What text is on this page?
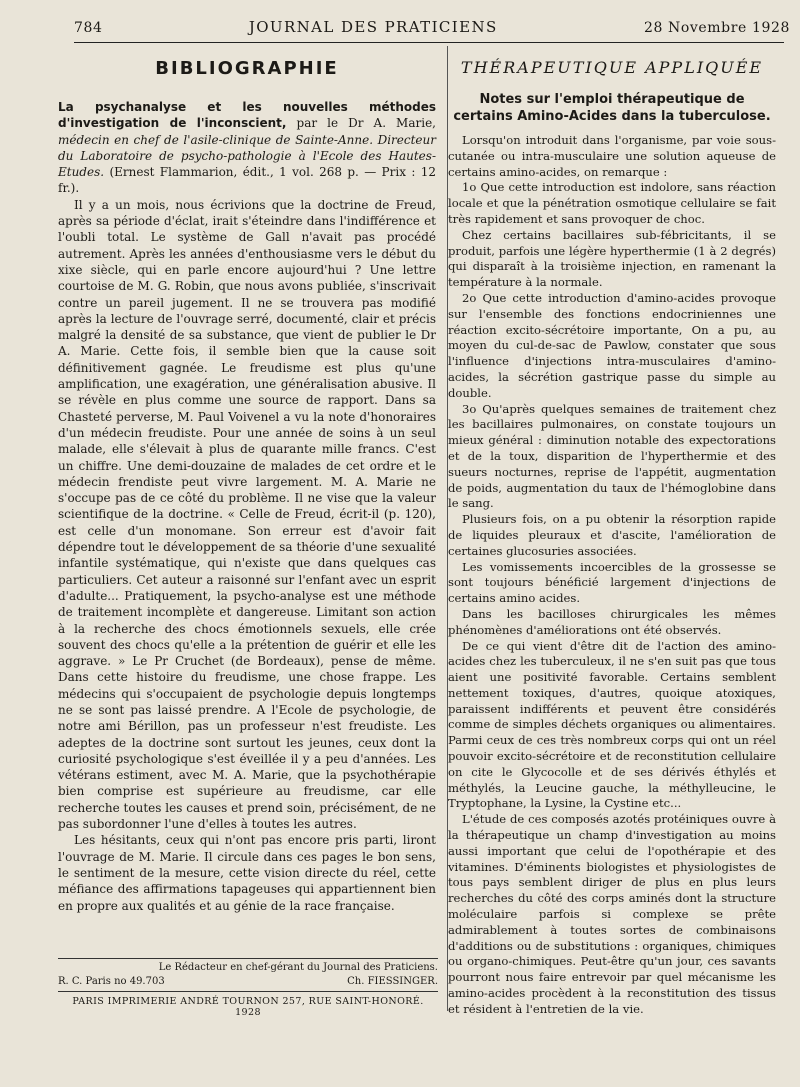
784	JOURNAL DES PRATICIENS	28 Novembre 1928
BIBLIOGRAPHIE

La psychanalyse et les nouvelles méthodes d'investigation de l'inconscient, par le Dr A. Marie, médecin en chef de l'asile-clinique de Sainte-Anne. Directeur du Laboratoire de psycho-pathologie à l'Ecole des Hautes-Etudes. (Ernest Flammarion, édit., 1 vol. 268 p. — Prix : 12 fr.).

Il y a un mois, nous écrivions que la doctrine de Freud, après sa période d'éclat, irait s'éteindre dans l'indifférence et l'oubli total. Le système de Gall n'avait pas procédé autrement. Après les années d'enthousiasme vers le début du xixe siècle, qui en parle encore aujourd'hui ? Une lettre courtoise de M. G. Robin, que nous avons publiée, s'inscrivait contre un pareil jugement. Il ne se trouvera pas modifié après la lecture de l'ouvrage serré, documenté, clair et précis malgré la densité de sa substance, que vient de publier le Dr A. Marie. Cette fois, il semble bien que la cause soit définitivement gagnée. Le freudisme est plus qu'une amplification, une exagération, une généralisation abusive. Il se révèle en plus comme une source de rapport. Dans sa Chasteté perverse, M. Paul Voivenel a vu la note d'honoraires d'un médecin freudiste. Pour une année de soins à un seul malade, elle s'élevait à plus de quarante mille francs. C'est un chiffre. Une demi-douzaine de malades de cet ordre et le médecin frendiste peut vivre largement. M. A. Marie ne s'occupe pas de ce côté du problème. Il ne vise que la valeur scientifique de la doctrine. « Celle de Freud, écrit-il (p. 120), est celle d'un monomane. Son erreur est d'avoir fait dépendre tout le développement de sa théorie d'une sexualité infantile systématique, qui n'existe que dans quelques cas particuliers. Cet auteur a raisonné sur l'enfant avec un esprit d'adulte... Pratiquement, la psycho-analyse est une méthode de traitement incomplète et dangereuse. Limitant son action à la recherche des chocs émotionnels sexuels, elle crée souvent des chocs qu'elle a la prétention de guérir et elle les aggrave. » Le Pr Cruchet (de Bordeaux), pense de même. Dans cette histoire du freudisme, une chose frappe. Les médecins qui s'occupaient de psychologie depuis longtemps ne se sont pas laissé prendre. A l'Ecole de psychologie, de notre ami Bérillon, pas un professeur n'est freudiste. Les adeptes de la doctrine sont surtout les jeunes, ceux dont la curiosité psychologique s'est éveillée il y a peu d'années. Les vétérans estiment, avec M. A. Marie, que la psychothérapie bien comprise est supérieure au freudisme, car elle recherche toutes les causes et prend soin, précisément, de ne pas subordonner l'une d'elles à toutes les autres.

Les hésitants, ceux qui n'ont pas encore pris parti, liront l'ouvrage de M. Marie. Il circule dans ces pages le bon sens, le sentiment de la mesure, cette vision directe du réel, cette méfiance des affirmations tapageuses qui appartiennent bien en propre aux qualités et au génie de la race française.

Le Rédacteur en chef-gérant du Journal des Praticiens.
R. C. Paris no 49.703	Ch. FIESSINGER.
PARIS IMPRIMERIE ANDRÉ TOURNON 257, RUE SAINT-HONORÉ. 1928
THÉRAPEUTIQUE APPLIQUÉE
Notes sur l'emploi thérapeutique de certains Amino-Acides dans la tuberculose.

Lorsqu'on introduit dans l'organisme, par voie sous-cutanée ou intra-musculaire une solution aqueuse de certains amino-acides, on remarque :

1o Que cette introduction est indolore, sans réaction locale et que la pénétration osmotique cellulaire se fait très rapidement et sans provoquer de choc.

Chez certains bacillaires sub-fébricitants, il se produit, parfois une légère hyperthermie (1 à 2 degrés) qui disparaît à la troisième injection, en ramenant la température à la normale.

2o Que cette introduction d'amino-acides provoque sur l'ensemble des fonctions endocriniennes une réaction excito-sécrétoire importante, On a pu, au moyen du cul-de-sac de Pawlow, constater que sous l'influence d'injections intra-musculaires d'amino-acides, la sécrétion gastrique passe du simple au double.

3o Qu'après quelques semaines de traitement chez les bacillaires pulmonaires, on constate toujours un mieux général : diminution notable des expectorations et de la toux, disparition de l'hyperthermie et des sueurs nocturnes, reprise de l'appétit, augmentation de poids, augmentation du taux de l'hémoglobine dans le sang.

Plusieurs fois, on a pu obtenir la résorption rapide de liquides pleuraux et d'ascite, l'amélioration de certaines glucosuries associées.

Les vomissements incoercibles de la grossesse se sont toujours bénéficié largement d'injections de certains amino acides.

Dans les bacilloses chirurgicales les mêmes phénomènes d'améliorations ont été observés.

De ce qui vient d'être dit de l'action des amino-acides chez les tuberculeux, il ne s'en suit pas que tous aient une positivité favorable. Certains semblent nettement toxiques, d'autres, quoique atoxiques, paraissent indifférents et peuvent être considérés comme de simples déchets organiques ou alimentaires. Parmi ceux de ces très nombreux corps qui ont un réel pouvoir excito-sécrétoire et de reconstitution cellulaire on cite le Glycocolle et de ses dérivés éthylés et méthylés, la Leucine gauche, la méthylleucine, le Tryptophane, la Lysine, la Cystine etc...

L'étude de ces composés azotés protéiniques ouvre à la thérapeutique un champ d'investigation au moins aussi important que celui de l'opothérapie et des vitamines. D'éminents biologistes et physiologistes de tous pays semblent diriger de plus en plus leurs recherches du côté des corps aminés dont la structure moléculaire parfois si complexe se prête admirablement à toutes sortes de combinaisons d'additions ou de substitutions : organiques, chimiques ou organo-chimiques. Peut-être qu'un jour, ces savants pourront nous faire entrevoir par quel mécanisme les amino-acides procèdent à la reconstitution des tissus et résident à l'entretien de la vie.
